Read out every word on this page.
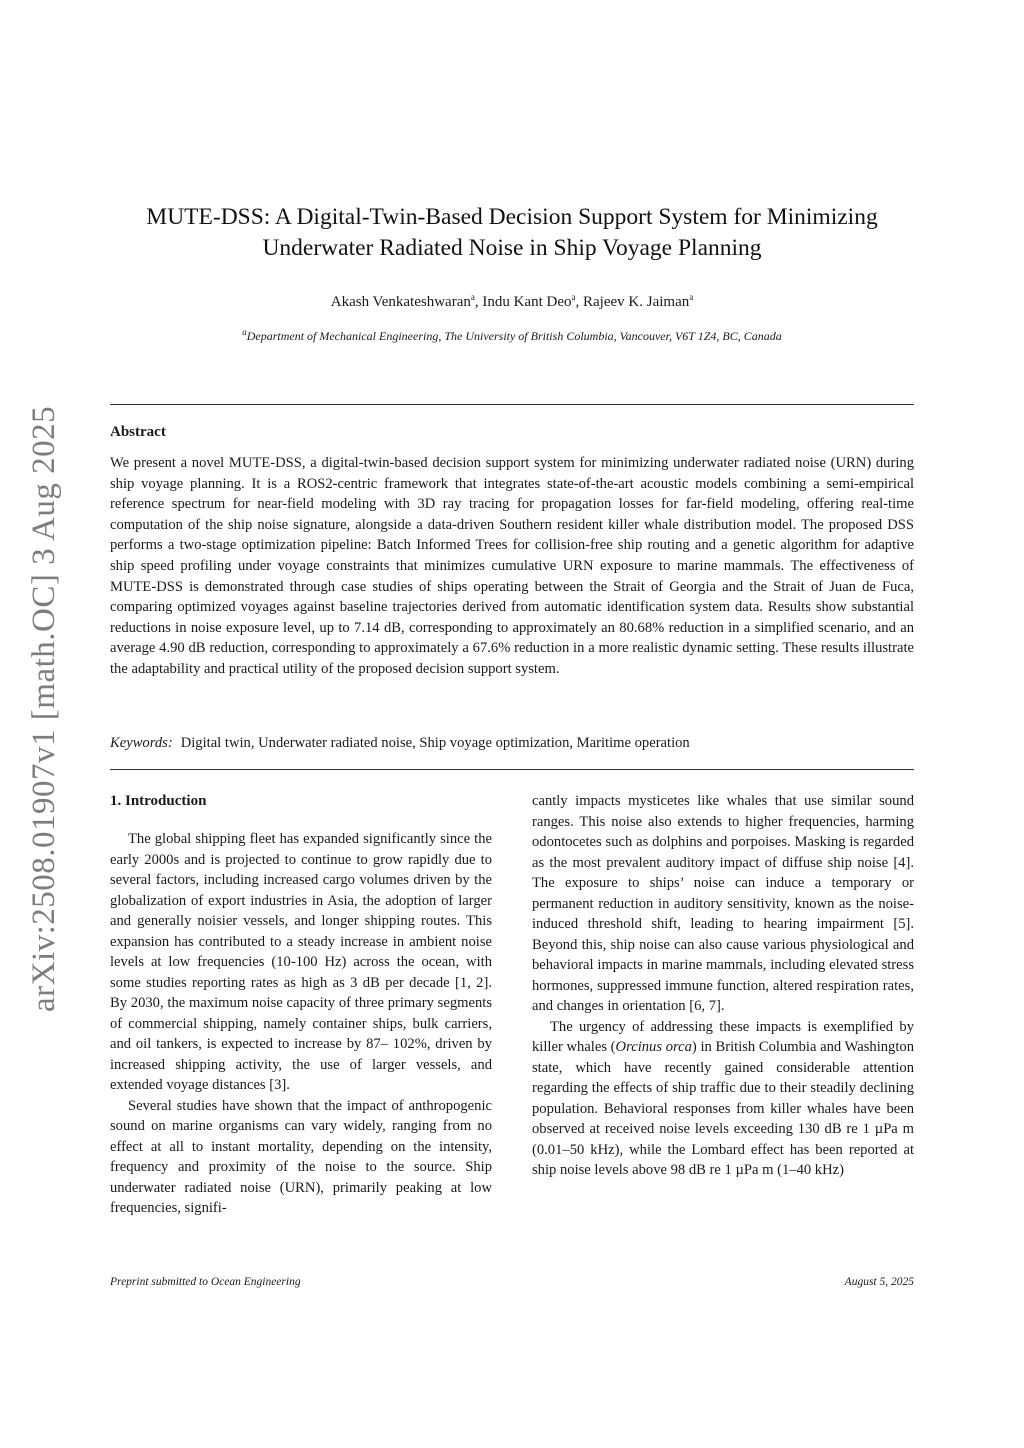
arXiv:2508.01907v1 [math.OC] 3 Aug 2025
MUTE-DSS: A Digital-Twin-Based Decision Support System for Minimizing
Underwater Radiated Noise in Ship Voyage Planning
Akash Venkateshwaran$^a$, Indu Kant Deo$^a$, Rajeev K. Jaiman$^a$
$^a$Department of Mechanical Engineering, The University of British Columbia, Vancouver, V6T 1Z4, BC, Canada
Abstract
We present a novel MUTE-DSS, a digital-twin-based decision support system for minimizing underwater radiated noise (URN) during ship voyage planning. It is a ROS2-centric framework that integrates state-of-the-art acoustic models combining a semi-empirical reference spectrum for near-field modeling with 3D ray tracing for propagation losses for far-field modeling, offering real-time computation of the ship noise signature, alongside a data-driven Southern resident killer whale distribution model. The proposed DSS performs a two-stage optimization pipeline: Batch Informed Trees for collision-free ship routing and a genetic algorithm for adaptive ship speed profiling under voyage constraints that minimizes cumulative URN exposure to marine mammals. The effectiveness of MUTE-DSS is demonstrated through case studies of ships operating between the Strait of Georgia and the Strait of Juan de Fuca, comparing optimized voyages against baseline trajectories derived from automatic identification system data. Results show substantial reductions in noise exposure level, up to 7.14 dB, corresponding to approximately an 80.68% reduction in a simplified scenario, and an average 4.90 dB reduction, corresponding to approximately a 67.6% reduction in a more realistic dynamic setting. These results illustrate the adaptability and practical utility of the proposed decision support system.
Keywords: Digital twin, Underwater radiated noise, Ship voyage optimization, Maritime operation
1. Introduction

The global shipping fleet has expanded significantly since the early 2000s and is projected to continue to grow rapidly due to several factors, including increased cargo volumes driven by the globalization of export industries in Asia, the adoption of larger and generally noisier vessels, and longer shipping routes. This expansion has contributed to a steady increase in ambient noise levels at low frequencies (10-100 Hz) across the ocean, with some studies reporting rates as high as 3 dB per decade [1, 2]. By 2030, the maximum noise capacity of three primary segments of commercial shipping, namely container ships, bulk carriers, and oil tankers, is expected to increase by 87– 102%, driven by increased shipping activity, the use of larger vessels, and extended voyage distances [3].

Several studies have shown that the impact of anthropogenic sound on marine organisms can vary widely, ranging from no effect at all to instant mortality, depending on the intensity, frequency and proximity of the noise to the source. Ship underwater radiated noise (URN), primarily peaking at low frequencies, signifi-

cantly impacts mysticetes like whales that use similar sound ranges. This noise also extends to higher frequencies, harming odontocetes such as dolphins and porpoises. Masking is regarded as the most prevalent auditory impact of diffuse ship noise [4]. The exposure to ships’ noise can induce a temporary or permanent reduction in auditory sensitivity, known as the noise-induced threshold shift, leading to hearing impairment [5]. Beyond this, ship noise can also cause various physiological and behavioral impacts in marine mammals, including elevated stress hormones, suppressed immune function, altered respiration rates, and changes in orientation [6, 7].

The urgency of addressing these impacts is exemplified by killer whales (Orcinus orca) in British Columbia and Washington state, which have recently gained considerable attention regarding the effects of ship traffic due to their steadily declining population. Behavioral responses from killer whales have been observed at received noise levels exceeding 130 dB re 1 µPa m (0.01–50 kHz), while the Lombard effect has been reported at ship noise levels above 98 dB re 1 µPa m (1–40 kHz)

Preprint submitted to Ocean Engineering	August 5, 2025
